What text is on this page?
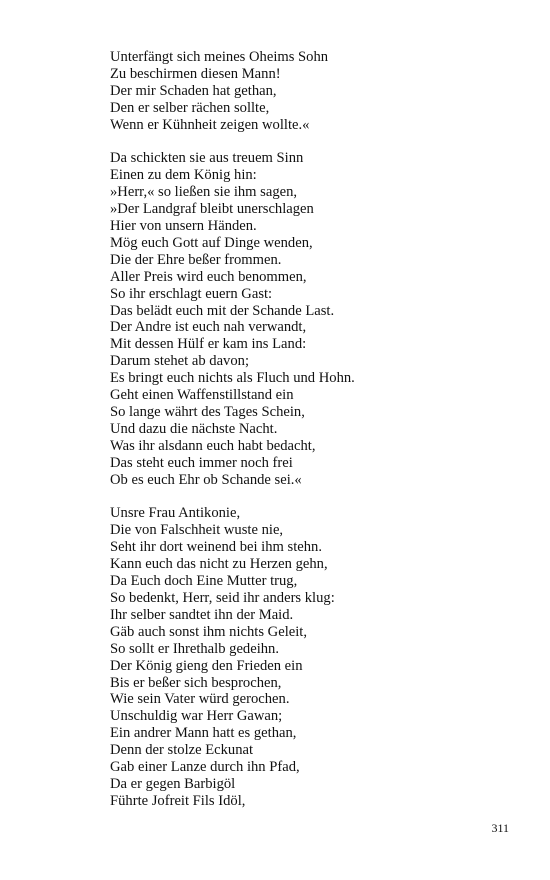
Unterfängt sich meines Oheims Sohn
Zu beschirmen diesen Mann!
Der mir Schaden hat gethan,
Den er selber rächen sollte,
Wenn er Kühnheit zeigen wollte.«
Da schickten sie aus treuem Sinn
Einen zu dem König hin:
»Herr,« so ließen sie ihm sagen,
»Der Landgraf bleibt unerschlagen
Hier von unsern Händen.
Mög euch Gott auf Dinge wenden,
Die der Ehre beßer frommen.
Aller Preis wird euch benommen,
So ihr erschlagt euern Gast:
Das belädt euch mit der Schande Last.
Der Andre ist euch nah verwandt,
Mit dessen Hülf er kam ins Land:
Darum stehet ab davon;
Es bringt euch nichts als Fluch und Hohn.
Geht einen Waffenstillstand ein
So lange währt des Tages Schein,
Und dazu die nächste Nacht.
Was ihr alsdann euch habt bedacht,
Das steht euch immer noch frei
Ob es euch Ehr ob Schande sei.«
Unsre Frau Antikonie,
Die von Falschheit wuste nie,
Seht ihr dort weinend bei ihm stehn.
Kann euch das nicht zu Herzen gehn,
Da Euch doch Eine Mutter trug,
So bedenkt, Herr, seid ihr anders klug:
Ihr selber sandtet ihn der Maid.
Gäb auch sonst ihm nichts Geleit,
So sollt er Ihrethalb gedeihn.
Der König gieng den Frieden ein
Bis er beßer sich besprochen,
Wie sein Vater würd gerochen.
Unschuldig war Herr Gawan;
Ein andrer Mann hatt es gethan,
Denn der stolze Eckunat
Gab einer Lanze durch ihn Pfad,
Da er gegen Barbigöl
Führte Jofreit Fils Idöl,
311
